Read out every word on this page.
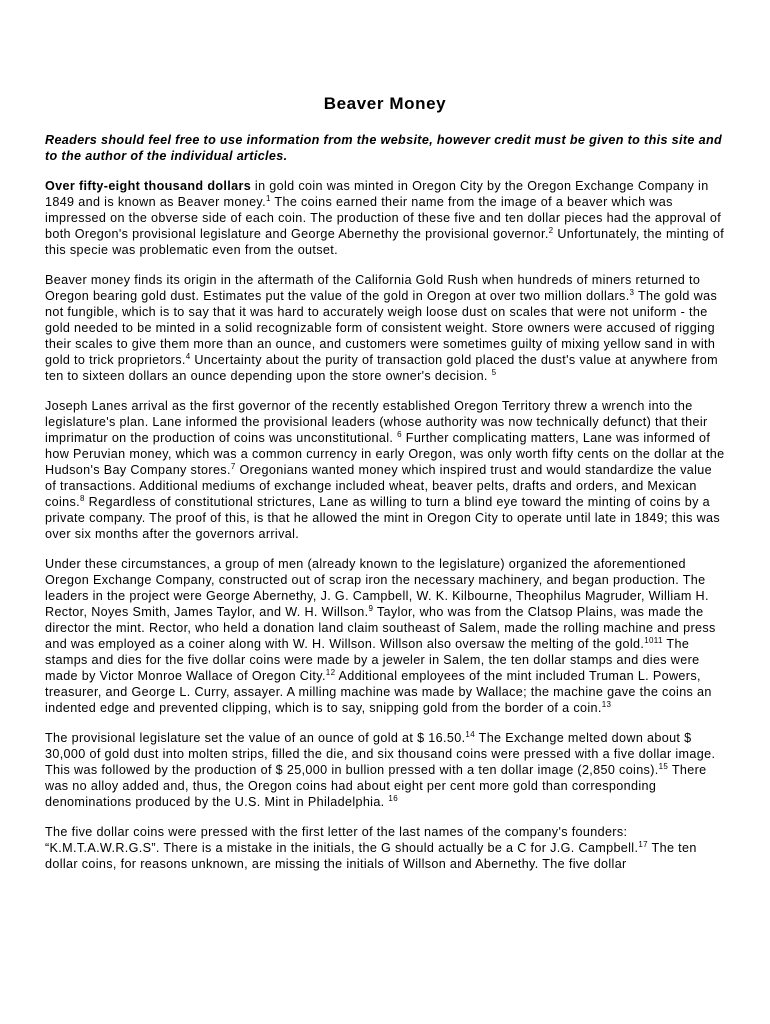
Beaver Money

Readers should feel free to use information from the website, however credit must be given to this site and to the author of the individual articles.

Over fifty-eight thousand dollars in gold coin was minted in Oregon City by the Oregon Exchange Company in 1849 and is known as Beaver money.$^1$ The coins earned their name from the image of a beaver which was impressed on the obverse side of each coin. The production of these five and ten dollar pieces had the approval of both Oregon's provisional legislature and George Abernethy the provisional governor.$^2$ Unfortunately, the minting of this specie was problematic even from the outset.

Beaver money finds its origin in the aftermath of the California Gold Rush when hundreds of miners returned to Oregon bearing gold dust. Estimates put the value of the gold in Oregon at over two million dollars.$^3$ The gold was not fungible, which is to say that it was hard to accurately weigh loose dust on scales that were not uniform - the gold needed to be minted in a solid recognizable form of consistent weight. Store owners were accused of rigging their scales to give them more than an ounce, and customers were sometimes guilty of mixing yellow sand in with gold to trick proprietors.$^4$ Uncertainty about the purity of transaction gold placed the dust's value at anywhere from ten to sixteen dollars an ounce depending upon the store owner's decision. $^5$

Joseph Lanes arrival as the first governor of the recently established Oregon Territory threw a wrench into the legislature's plan. Lane informed the provisional leaders (whose authority was now technically defunct) that their imprimatur on the production of coins was unconstitutional. $^6$ Further complicating matters, Lane was informed of how Peruvian money, which was a common currency in early Oregon, was only worth fifty cents on the dollar at the Hudson's Bay Company stores.$^7$ Oregonians wanted money which inspired trust and would standardize the value of transactions. Additional mediums of exchange included wheat, beaver pelts, drafts and orders, and Mexican coins.$^8$ Regardless of constitutional strictures, Lane as willing to turn a blind eye toward the minting of coins by a private company. The proof of this, is that he allowed the mint in Oregon City to operate until late in 1849; this was over six months after the governors arrival.

Under these circumstances, a group of men (already known to the legislature) organized the aforementioned Oregon Exchange Company, constructed out of scrap iron the necessary machinery, and began production. The leaders in the project were George Abernethy, J. G. Campbell, W. K. Kilbourne, Theophilus Magruder, William H. Rector, Noyes Smith, James Taylor, and W. H. Willson.$^9$ Taylor, who was from the Clatsop Plains, was made the director the mint. Rector, who held a donation land claim southeast of Salem, made the rolling machine and press and was employed as a coiner along with W. H. Willson. Willson also oversaw the melting of the gold.$^{1011}$ The stamps and dies for the five dollar coins were made by a jeweler in Salem, the ten dollar stamps and dies were made by Victor Monroe Wallace of Oregon City.$^{12}$ Additional employees of the mint included Truman L. Powers, treasurer, and George L. Curry, assayer. A milling machine was made by Wallace; the machine gave the coins an indented edge and prevented clipping, which is to say, snipping gold from the border of a coin.$^{13}$

The provisional legislature set the value of an ounce of gold at $ 16.50.14 The Exchange melted down about $ 30,000 of gold dust into molten strips, filled the die, and six thousand coins were pressed with a five dollar image. This was followed by the production of $ 25,000 in bullion pressed with a ten dollar image (2,850 coins).$^{15}$ There was no alloy added and, thus, the Oregon coins had about eight per cent more gold than corresponding denominations produced by the U.S. Mint in Philadelphia. $^{16}$

The five dollar coins were pressed with the first letter of the last names of the company's founders: “K.M.T.A.W.R.G.S”. There is a mistake in the initials, the G should actually be a C for J.G. Campbell.$^{17}$ The ten dollar coins, for reasons unknown, are missing the initials of Willson and Abernethy. The five dollar
